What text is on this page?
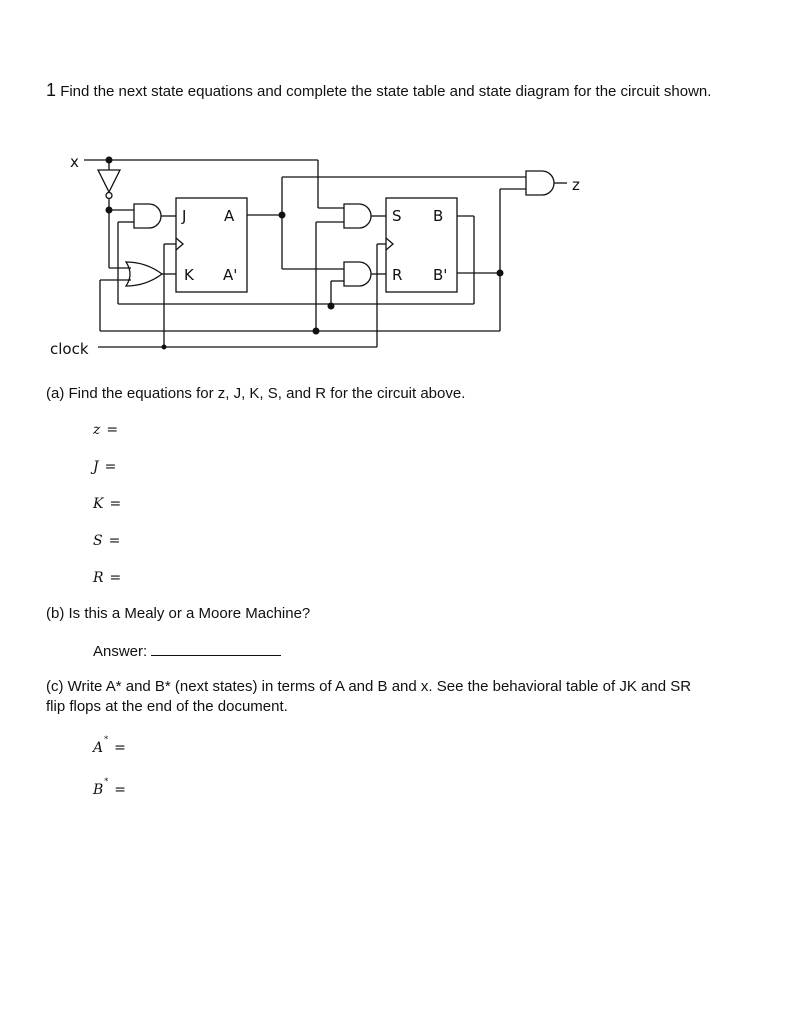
1 Find the next state equations and complete the state table and state diagram for the circuit shown.
x
z
clock
J	A
K A'
S B
R B'
(a) Find the equations for z, J, K, S, and R for the circuit above.
z =
J =
K =
S =
R =
(b) Is this a Mealy or a Moore Machine?
Answer:
(c) Write A* and B* (next states) in terms of A and B and x. See the behavioral table of JK and SR
flip flops at the end of the document.
A*=
B*=
